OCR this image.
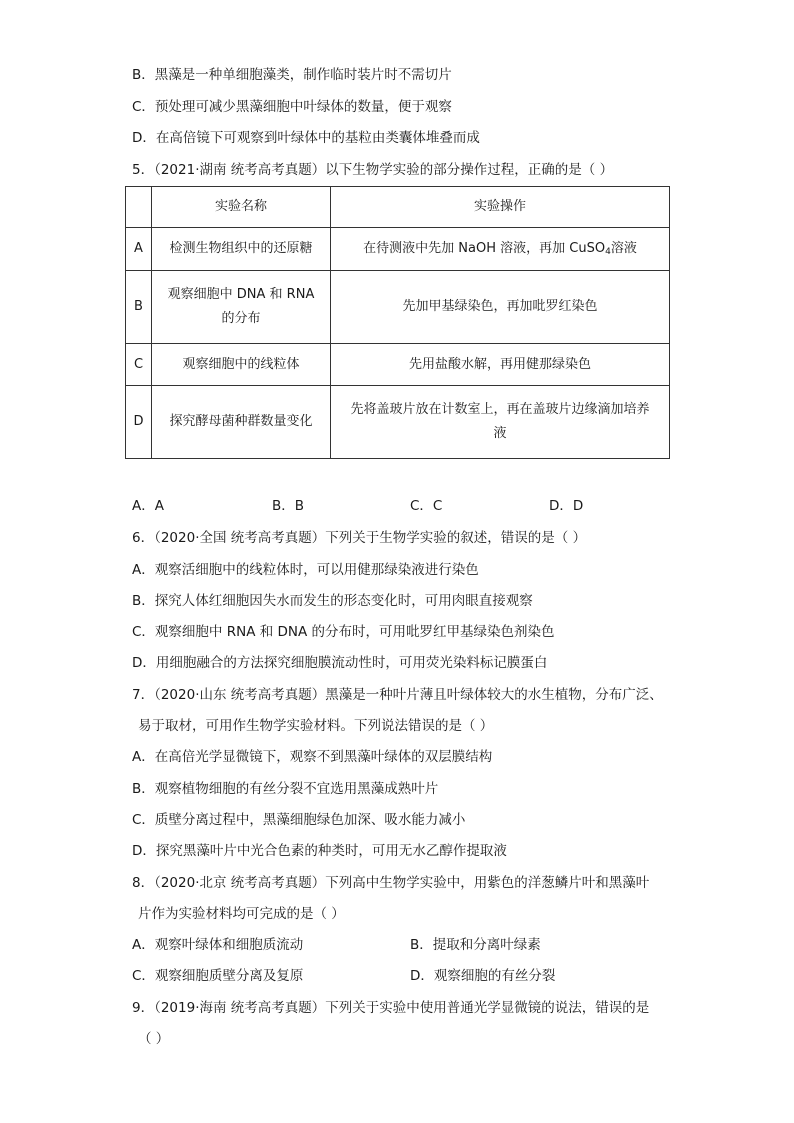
B．黑藻是一种单细胞藻类，制作临时装片时不需切片
C．预处理可减少黑藻细胞中叶绿体的数量，便于观察
D．在高倍镜下可观察到叶绿体中的基粒由类囊体堆叠而成
5．（2021·湖南 统考高考真题）以下生物学实验的部分操作过程，正确的是（ ）
	实验名称	实验操作
A	检测生物组织中的还原糖	在待测液中先加 NaOH 溶液，再加 CuSO$_4$溶液
B	观察细胞中 DNA 和 RNA
的分布	先加甲基绿染色，再加吡罗红染色
C	观察细胞中的线粒体	先用盐酸水解，再用健那绿染色
D	探究酵母菌种群数量变化	先将盖玻片放在计数室上，再在盖玻片边缘滴加培养
液
A．A	B．B	C．C	D．D
6．（2020·全国 统考高考真题）下列关于生物学实验的叙述，错误的是（ ）
A．观察活细胞中的线粒体时，可以用健那绿染液进行染色
B．探究人体红细胞因失水而发生的形态变化时，可用肉眼直接观察
C．观察细胞中 RNA 和 DNA 的分布时，可用吡罗红甲基绿染色剂染色
D．用细胞融合的方法探究细胞膜流动性时，可用荧光染料标记膜蛋白
7．（2020·山东 统考高考真题）黑藻是一种叶片薄且叶绿体较大的水生植物，分布广泛、
易于取材，可用作生物学实验材料。下列说法错误的是（ ）
A．在高倍光学显微镜下，观察不到黑藻叶绿体的双层膜结构
B．观察植物细胞的有丝分裂不宜选用黑藻成熟叶片
C．质壁分离过程中，黑藻细胞绿色加深、吸水能力减小
D．探究黑藻叶片中光合色素的种类时，可用无水乙醇作提取液
8．（2020·北京 统考高考真题）下列高中生物学实验中，用紫色的洋葱鳞片叶和黑藻叶
片作为实验材料均可完成的是（ ）
A．观察叶绿体和细胞质流动	B．提取和分离叶绿素
C．观察细胞质壁分离及复原	D．观察细胞的有丝分裂
9．（2019·海南 统考高考真题）下列关于实验中使用普通光学显微镜的说法，错误的是
（ ）
